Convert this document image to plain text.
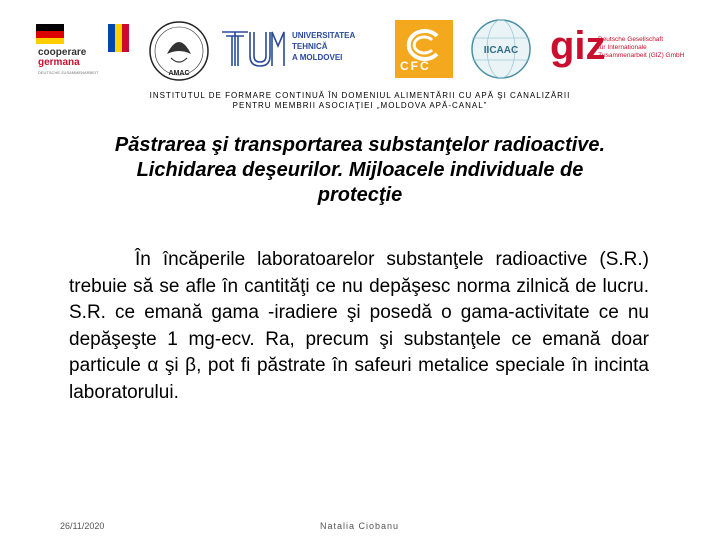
cooperare
germana
DEUTSCHE ZUSAMMENARBEIT	AMAC
UNIVERSITATEA TEHNICĂ
A MOLDOVEI
CFC
IICAAC giz
Deutsche Gesellschaft
für Internationale
Zusammenarbeit (GIZ) GmbH
INSTITUTUL DE FORMARE CONTINUĂ ÎN DOMENIUL ALIMENTĂRII CU APĂ ŞI CANALIZĂRII
PENTRU MEMBRII ASOCIAŢIEI „MOLDOVA APĂ-CANAL”
Păstrarea şi transportarea substanţelor radioactive.
Lichidarea deşeurilor. Mijloacele individuale de
protecţie

În încăperile laboratoarelor substanţele radioactive (S.R.) trebuie să se afle în cantităţi ce nu depăşesc norma zilnică de lucru. S.R. ce emană gama -iradiere şi posedă o gama-activitate ce nu depăşeşte 1 mg-ecv. Ra, precum şi substanţele ce emană doar particule α şi β, pot fi păstrate în safeuri metalice speciale în incinta laboratorului.

26/11/2020	Natalia Ciobanu
